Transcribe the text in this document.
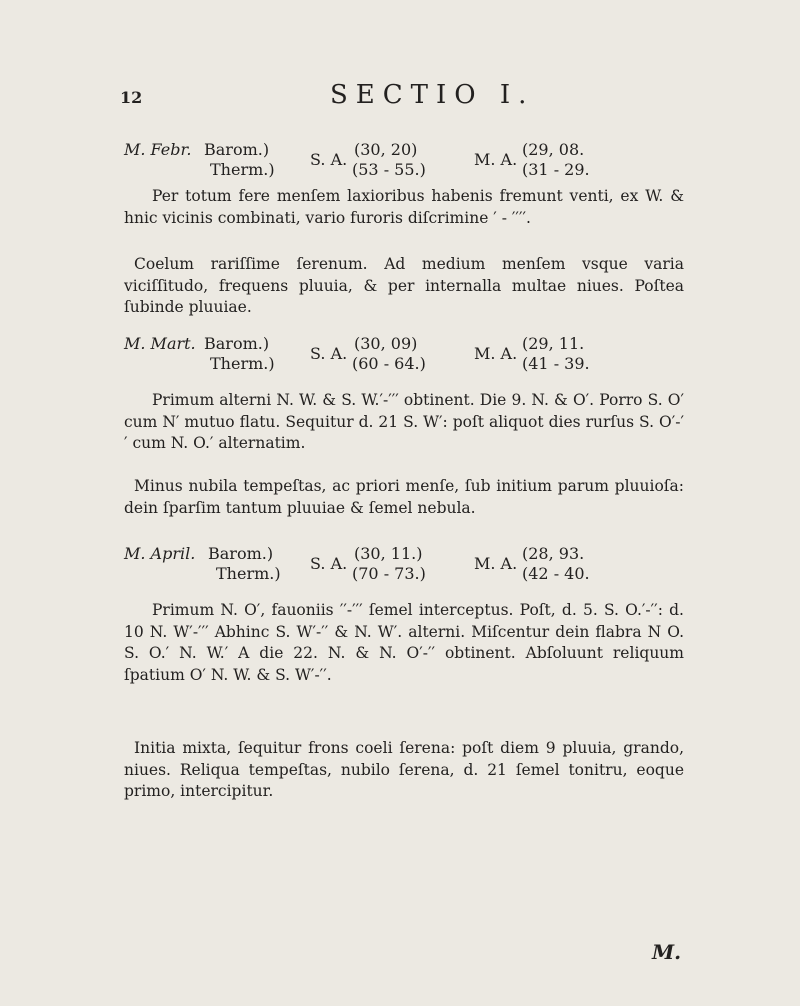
12	SECTIO I.
M. Febr. Barom.)
Therm.)
S. A.
(30, 20)
(53 - 55.)
M. A.
(29, 08.
(31 - 29.

Per totum fere menſem laxioribus habenis fremunt venti, ex W. & hnic vicinis combinati, vario furoris diſcrimine ′ - ′′′′.

Coelum rariſſime ſerenum. Ad medium menſem vsque varia viciſſitudo, frequens pluuia, & per internalla multae niues. Poſtea ſubinde pluuiae.

M. Mart. Barom.)
Therm.)
S. A.
(30, 09)
(60 - 64.)
M. A.
(29, 11.
(41 - 39.

Primum alterni N. W. & S. W.′-′′′ obtinent. Die 9. N. & O′. Porro S. O′ cum N′ mutuo flatu. Sequitur d. 21 S. W′: poſt aliquot dies rurſus S. O′-′′ cum N. O.′ alternatim.

Minus nubila tempeſtas, ac priori menſe, ſub initium parum pluuioſa: dein ſparſim tantum pluuiae & ſemel nebula.

M. April. Barom.)
Therm.)
S. A.
(30, 11.)
(70 - 73.)
M. A.
(28, 93.
(42 - 40.

Primum N. O′, fauoniis ′′-′′′ ſemel interceptus. Poſt, d. 5. S. O.′-′′: d. 10 N. W′-′′′ Abhinc S. W′-′′ & N. W′. alterni. Miſcentur dein flabra N O. S. O.′ N. W.′ A die 22. N. & N. O′-′′ obtinent. Abſoluunt reliquum ſpatium O′ N. W. & S. W′-′′.

Initia mixta, ſequitur frons coeli ſerena: poſt diem 9 pluuia, grando, niues. Reliqua tempeſtas, nubilo ſerena, d. 21 ſemel tonitru, eoque primo, intercipitur.

M.
